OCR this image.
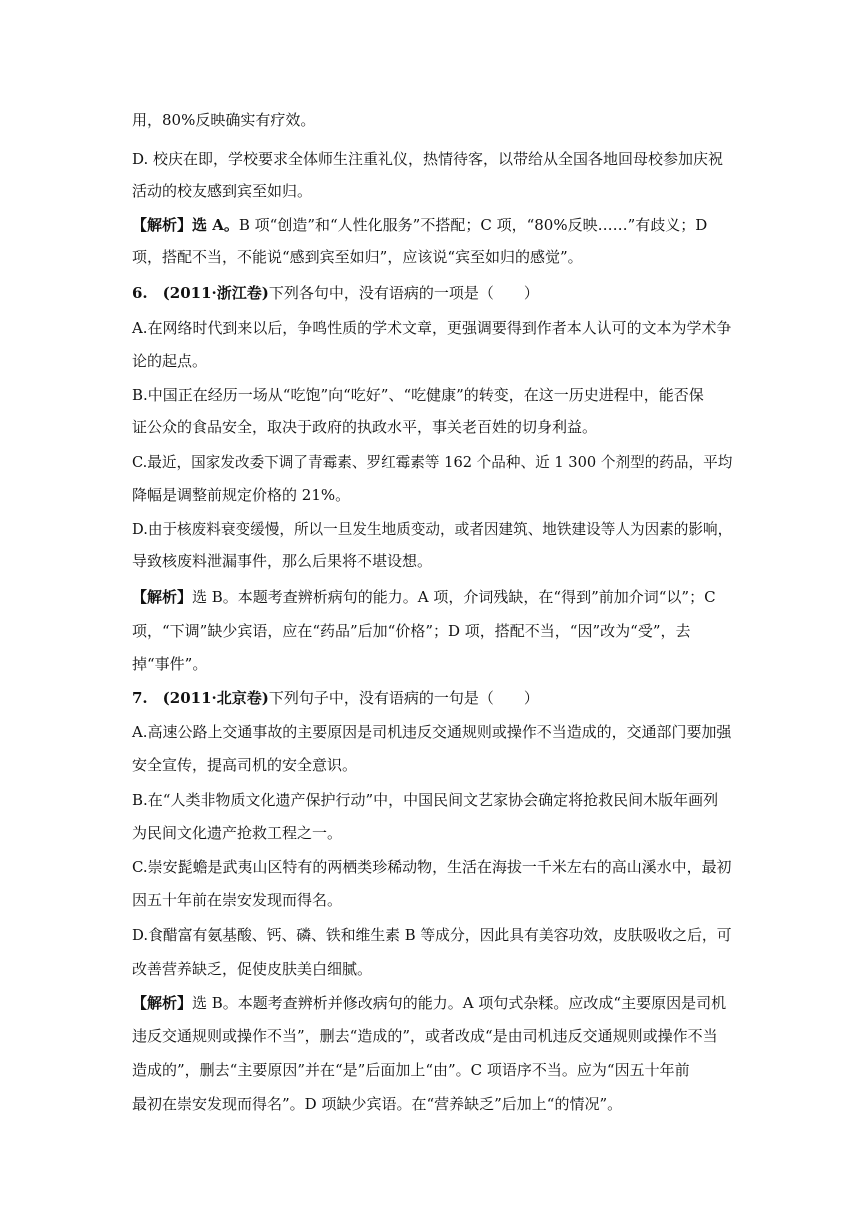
用，80%反映确实有疗效。
D. 校庆在即，学校要求全体师生注重礼仪，热情待客，以带给从全国各地回母校参加庆祝
活动的校友感到宾至如归。
【解析】选 A。B 项“创造”和“人性化服务”不搭配；C 项，“80%反映……”有歧义；D
项，搭配不当，不能说“感到宾至如归”，应该说“宾至如归的感觉”。
6.　(2011·浙江卷)下列各句中，没有语病的一项是（　　）
A.在网络时代到来以后，争鸣性质的学术文章，更强调要得到作者本人认可的文本为学术争
论的起点。
B.中国正在经历一场从“吃饱”向“吃好”、“吃健康”的转变，在这一历史进程中，能否保
证公众的食品安全，取决于政府的执政水平，事关老百姓的切身利益。
C.最近，国家发改委下调了青霉素、罗红霉素等 162 个品种、近 1 300 个剂型的药品，平均
降幅是调整前规定价格的 21%。
D.由于核废料衰变缓慢，所以一旦发生地质变动，或者因建筑、地铁建设等人为因素的影响，
导致核废料泄漏事件，那么后果将不堪设想。
【解析】选 B。本题考查辨析病句的能力。A 项，介词残缺，在“得到”前加介词“以”；C
项，“下调”缺少宾语，应在“药品”后加“价格”；D 项，搭配不当，“因”改为“受”，去
掉“事件”。
7.　(2011·北京卷)下列句子中，没有语病的一句是（　　）
A.高速公路上交通事故的主要原因是司机违反交通规则或操作不当造成的，交通部门要加强
安全宣传，提高司机的安全意识。
B.在“人类非物质文化遗产保护行动”中，中国民间文艺家协会确定将抢救民间木版年画列
为民间文化遗产抢救工程之一。
C.崇安髭蟾是武夷山区特有的两栖类珍稀动物，生活在海拔一千米左右的高山溪水中，最初
因五十年前在崇安发现而得名。
D.食醋富有氨基酸、钙、磷、铁和维生素 B 等成分，因此具有美容功效，皮肤吸收之后，可
改善营养缺乏，促使皮肤美白细腻。
【解析】选 B。本题考查辨析并修改病句的能力。A 项句式杂糅。应改成“主要原因是司机
违反交通规则或操作不当”，删去“造成的”，或者改成“是由司机违反交通规则或操作不当
造成的”，删去“主要原因”并在“是”后面加上“由”。C 项语序不当。应为“因五十年前
最初在崇安发现而得名”。D 项缺少宾语。在“营养缺乏”后加上“的情况”。
